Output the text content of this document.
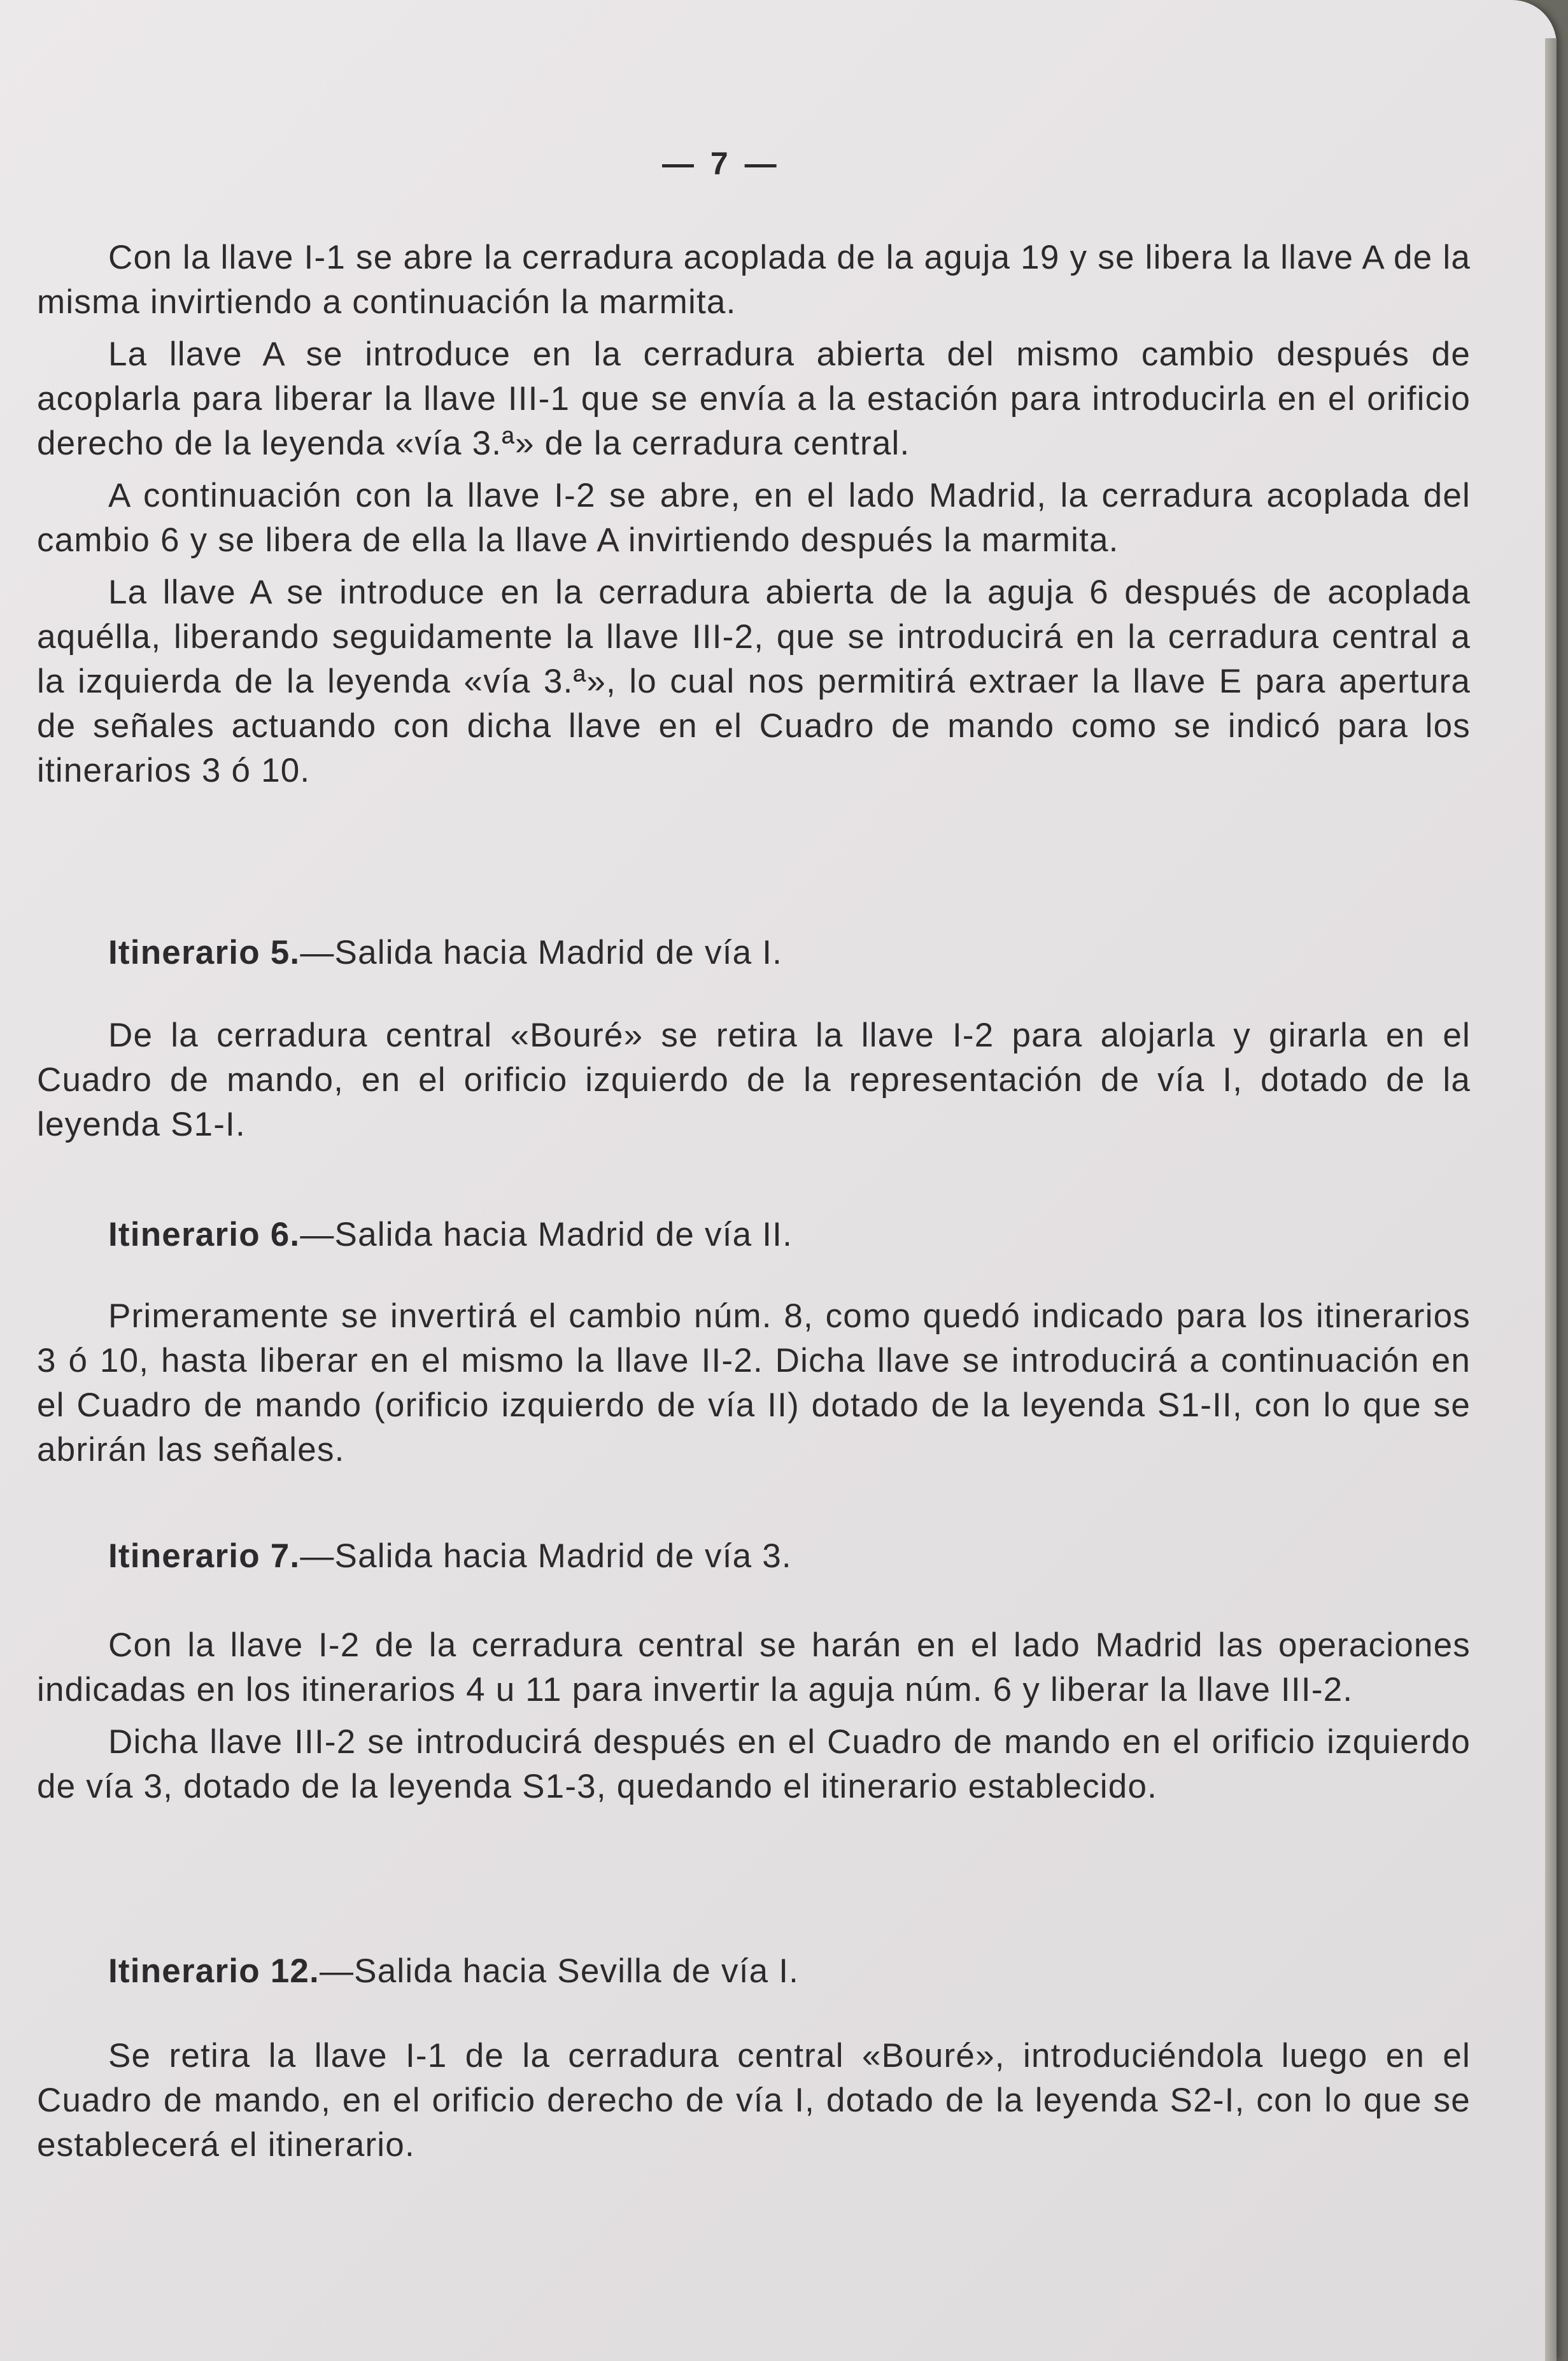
— 7 —

Con la llave I-1 se abre la cerradura acoplada de la aguja 19 y se libera la llave A de la misma invirtiendo a continuación la marmita.

La llave A se introduce en la cerradura abierta del mismo cambio después de acoplarla para liberar la llave III-1 que se envía a la estación para introducirla en el orificio derecho de la leyenda «vía 3.ª» de la cerradura central.

A continuación con la llave I-2 se abre, en el lado Madrid, la cerradura acoplada del cambio 6 y se libera de ella la llave A invirtiendo después la marmita.

La llave A se introduce en la cerradura abierta de la aguja 6 después de acoplada aquélla, liberando seguidamente la llave III-2, que se introducirá en la cerradura central a la izquierda de la leyenda «vía 3.ª», lo cual nos permitirá extraer la llave E para apertura de señales actuando con dicha llave en el Cuadro de mando como se indicó para los itinerarios 3 ó 10.

Itinerario 5.—Salida hacia Madrid de vía I.

De la cerradura central «Bouré» se retira la llave I-2 para alojarla y girarla en el Cuadro de mando, en el orificio izquierdo de la representación de vía I, dotado de la leyenda S1-I.

Itinerario 6.—Salida hacia Madrid de vía II.

Primeramente se invertirá el cambio núm. 8, como quedó indicado para los itinerarios 3 ó 10, hasta liberar en el mismo la llave II-2. Dicha llave se introducirá a continuación en el Cuadro de mando (orificio izquierdo de vía II) dotado de la leyenda S1-II, con lo que se abrirán las señales.

Itinerario 7.—Salida hacia Madrid de vía 3.

Con la llave I-2 de la cerradura central se harán en el lado Madrid las operaciones indicadas en los itinerarios 4 u 11 para invertir la aguja núm. 6 y liberar la llave III-2.

Dicha llave III-2 se introducirá después en el Cuadro de mando en el orificio izquierdo de vía 3, dotado de la leyenda S1-3, quedando el itinerario establecido.

Itinerario 12.—Salida hacia Sevilla de vía I.

Se retira la llave I-1 de la cerradura central «Bouré», introduciéndola luego en el Cuadro de mando, en el orificio derecho de vía I, dotado de la leyenda S2-I, con lo que se establecerá el itinerario.
